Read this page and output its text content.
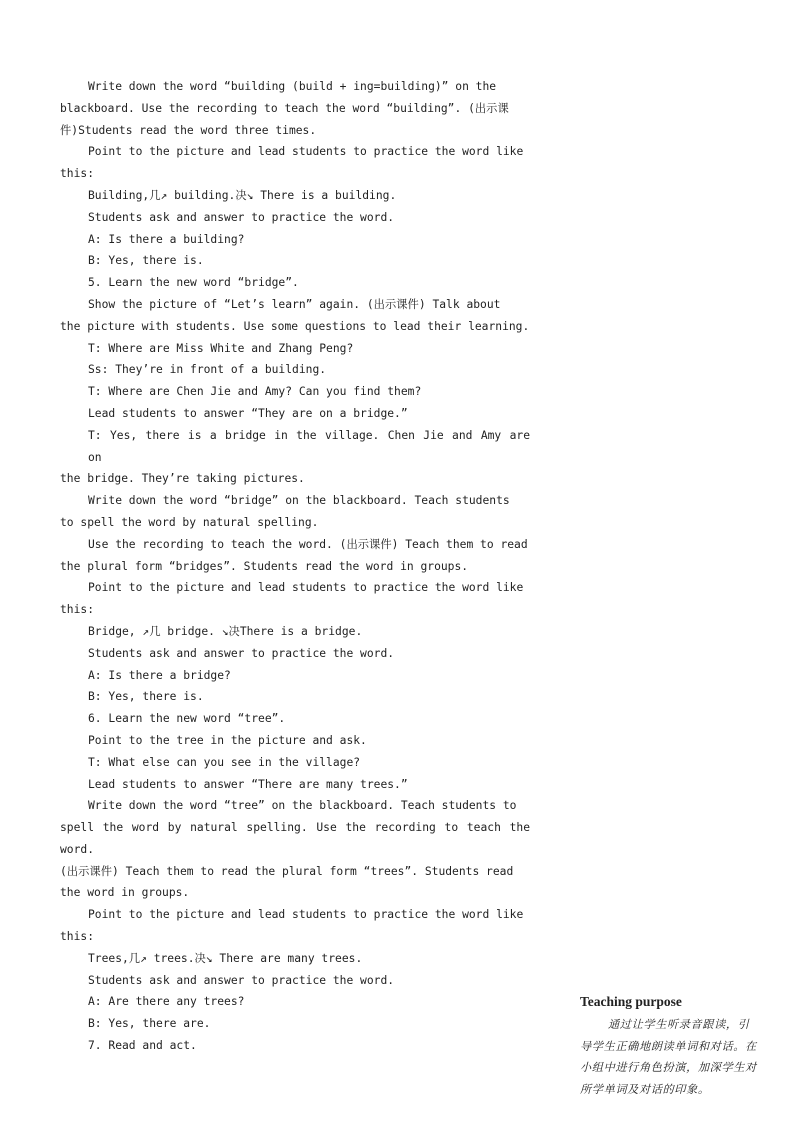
Write down the word “building (build + ing=building)” on the

blackboard. Use the recording to teach the word “building”. (出示课

件)Students read the word three times.

Point to the picture and lead students to practice the word like

this:

Building,几↗ building.决↘ There is a building.

Students ask and answer to practice the word.

A: Is there a building?

B: Yes, there is.

5. Learn the new word “bridge”.

Show the picture of “Let’s learn” again. (出示课件) Talk about

the picture with students. Use some questions to lead their learning.

T: Where are Miss White and Zhang Peng?

Ss: They’re in front of a building.

T: Where are Chen Jie and Amy? Can you find them?

Lead students to answer “They are on a bridge.”

T: Yes, there is a bridge in the village. Chen Jie and Amy are on

the bridge. They’re taking pictures.

Write down the word “bridge” on the blackboard. Teach students

to spell the word by natural spelling.

Use the recording to teach the word. (出示课件) Teach them to read

the plural form “bridges”. Students read the word in groups.

Point to the picture and lead students to practice the word like

this:

Bridge, ↗几 bridge. ↘决There is a bridge.

Students ask and answer to practice the word.

A: Is there a bridge?

B: Yes, there is.

6. Learn the new word “tree”.

Point to the tree in the picture and ask.

T: What else can you see in the village?

Lead students to answer “There are many trees.”

Write down the word “tree” on the blackboard. Teach students to

spell the word by natural spelling. Use the recording to teach the word.

(出示课件) Teach them to read the plural form “trees”. Students read

the word in groups.

Point to the picture and lead students to practice the word like

this:

Trees,几↗ trees.决↘ There are many trees.

Students ask and answer to practice the word.

A: Are there any trees?

B: Yes, there are.

7. Read and act.

Teaching purpose

通过让学生听录音跟读，引导学生正确地朗读单词和对话。在小组中进行角色扮演，加深学生对所学单词及对话的印象。
